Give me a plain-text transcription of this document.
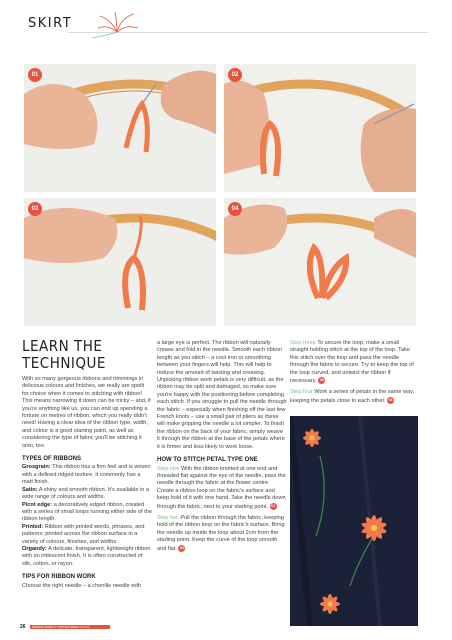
SKIRT
01	02
03	04
LEARN THE TECHNIQUE

With so many gorgeous ribbons and trimmings in delicious colours and finishes, we really are spoilt for choice when it comes to stitching with ribbon! This means narrowing it down can be tricky – and, if you're anything like us, you can end up spending a fortune on metres of ribbon, which you really didn't need! Having a clear idea of the ribbon type, width, and colour is a good starting point, as well as considering the type of fabric you'll be stitching it onto, too.

TYPES OF RIBBONS
Grosgrain: This ribbon has a firm feel and is woven with a defined ridged texture, it commonly has a matt finish.
Satin: A shiny and smooth ribbon. It's available in a wide range of colours and widths.
Picot edge: a decoratively edged ribbon, created with a series of small loops running either side of the ribbon length.
Printed: Ribbon with printed words, phrases, and patterns; printed across the ribbon surface in a variety of colours, finishes, and widths.
Organdy: A delicate, transparent, lightweight ribbon with an iridescent finish. It is often constructed of silk, cotton, or rayon.
TIPS FOR RIBBON WORK

Choose the right needle – a chenille needle with

a large eye is perfect. The ribbon will naturally crease and fold in the needle. Smooth each ribbon length as you stitch – a cool iron or smoothing between your fingers will help. This will help to reduce the amount of twisting and creasing. Unpicking ribbon work petals is very difficult, as the ribbon may be split and damaged, so make sure you're happy with the positioning before completing each stitch. If you struggle to pull the needle through the fabric – especially when finishing off the last few French knots – use a small pair of pliers as these will make gripping the needle a lot simpler. To finish the ribbon on the back of your fabric, simply weave it through the ribbon at the base of the petals where it is firmer and less likely to work loose.

HOW TO STITCH PETAL TYPE ONE

Step one With the ribbon knotted at one end and threaded flat against the eye of the needle, pass the needle through the fabric at the flower centre. Create a ribbon loop on the fabric's surface and keep hold of it with one hand. Take the needle down through the fabric, next to your starting point. 01

Step two Pull the ribbon through the fabric, keeping hold of the ribbon loop on the fabric's surface. Bring the needle up inside the loop about 2cm from the starting point. Keep the curve of the loop smooth and flat. 02

Step three To secure the loop, make a small straight holding stitch at the top of the loop. Take this stitch over the loop and pass the needle through the fabric to secure. Try to keep the top of the loop curved, and untwist the ribbon if necessary. 03

Step four Work a series of petals in the same way, keeping the petals close to each other. 04

26 SEWING DIRECT TOPTENTREND.CO.UK
